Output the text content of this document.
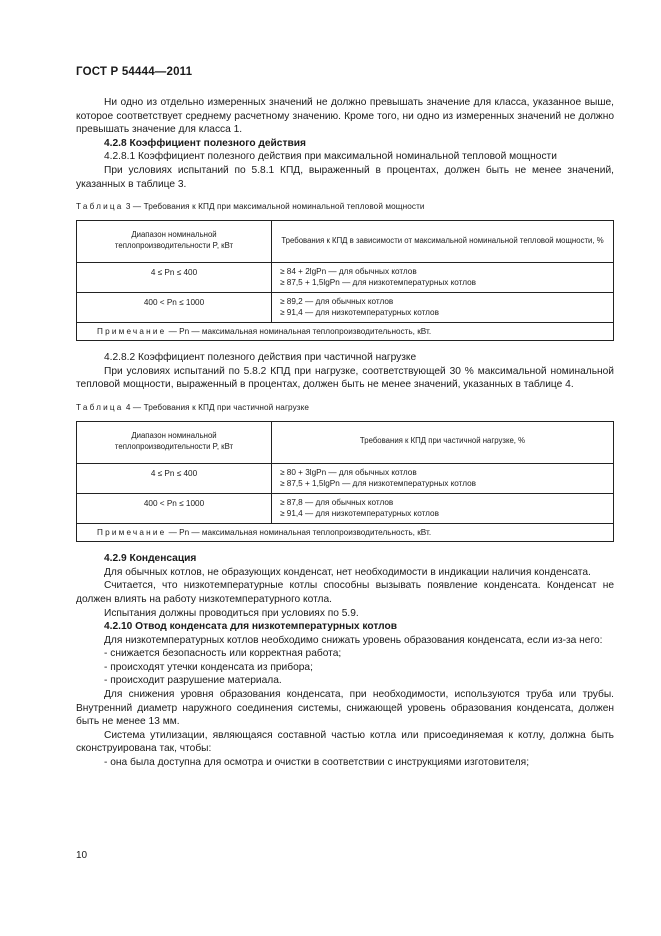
ГОСТ Р 54444—2011

Ни одно из отдельно измеренных значений не должно превышать значение для класса, указанное выше, которое соответствует среднему расчетному значению. Кроме того, ни одно из измеренных значений не должно превышать значение для класса 1.

4.2.8 Коэффициент полезного действия

4.2.8.1 Коэффициент полезного действия при максимальной номинальной тепловой мощности

При условиях испытаний по 5.8.1 КПД, выраженный в процентах, должен быть не менее значений, указанных в таблице 3.

Таблица 3 — Требования к КПД при максимальной номинальной тепловой мощности
Диапазон номинальной
теплопроизводительности P, кВт	Требования к КПД в зависимости от максимальной номинальной тепловой мощности, %
4 ≤ Pn ≤ 400	≥ 84 + 2lgPn — для обычных котлов
≥ 87,5 + 1,5lgPn — для низкотемпературных котлов

400 < Pn ≤ 1000	≥ 89,2 — для обычных котлов
≥ 91,4 — для низкотемпературных котлов

Примечание — Pn — максимальная номинальная теплопроизводительность, кВт.	

4.2.8.2 Коэффициент полезного действия при частичной нагрузке

При условиях испытаний по 5.8.2 КПД при нагрузке, соответствующей 30 % максимальной номинальной тепловой мощности, выраженный в процентах, должен быть не менее значений, указанных в таблице 4.

Таблица 4 — Требования к КПД при частичной нагрузке
Диапазон номинальной
теплопроизводительности P, кВт	Требования к КПД при частичной нагрузке, %
4 ≤ Pn ≤ 400	≥ 80 + 3lgPn — для обычных котлов
≥ 87,5 + 1,5lgPn — для низкотемпературных котлов

400 < Pn ≤ 1000	≥ 87,8 — для обычных котлов
≥ 91,4 — для низкотемпературных котлов

Примечание — Pn — максимальная номинальная теплопроизводительность, кВт.	

4.2.9 Конденсация

Для обычных котлов, не образующих конденсат, нет необходимости в индикации наличия конденсата.

Считается, что низкотемпературные котлы способны вызывать появление конденсата. Конденсат не должен влиять на работу низкотемпературного котла.

Испытания должны проводиться при условиях по 5.9.

4.2.10 Отвод конденсата для низкотемпературных котлов

Для низкотемпературных котлов необходимо снижать уровень образования конденсата, если из-за него:

- снижается безопасность или корректная работа;

- происходят утечки конденсата из прибора;

- происходит разрушение материала.

Для снижения уровня образования конденсата, при необходимости, используются труба или трубы. Внутренний диаметр наружного соединения системы, снижающей уровень образования конденсата, должен быть не менее 13 мм.

Система утилизации, являющаяся составной частью котла или присоединяемая к котлу, должна быть сконструирована так, чтобы:

- она была доступна для осмотра и очистки в соответствии с инструкциями изготовителя;

10
